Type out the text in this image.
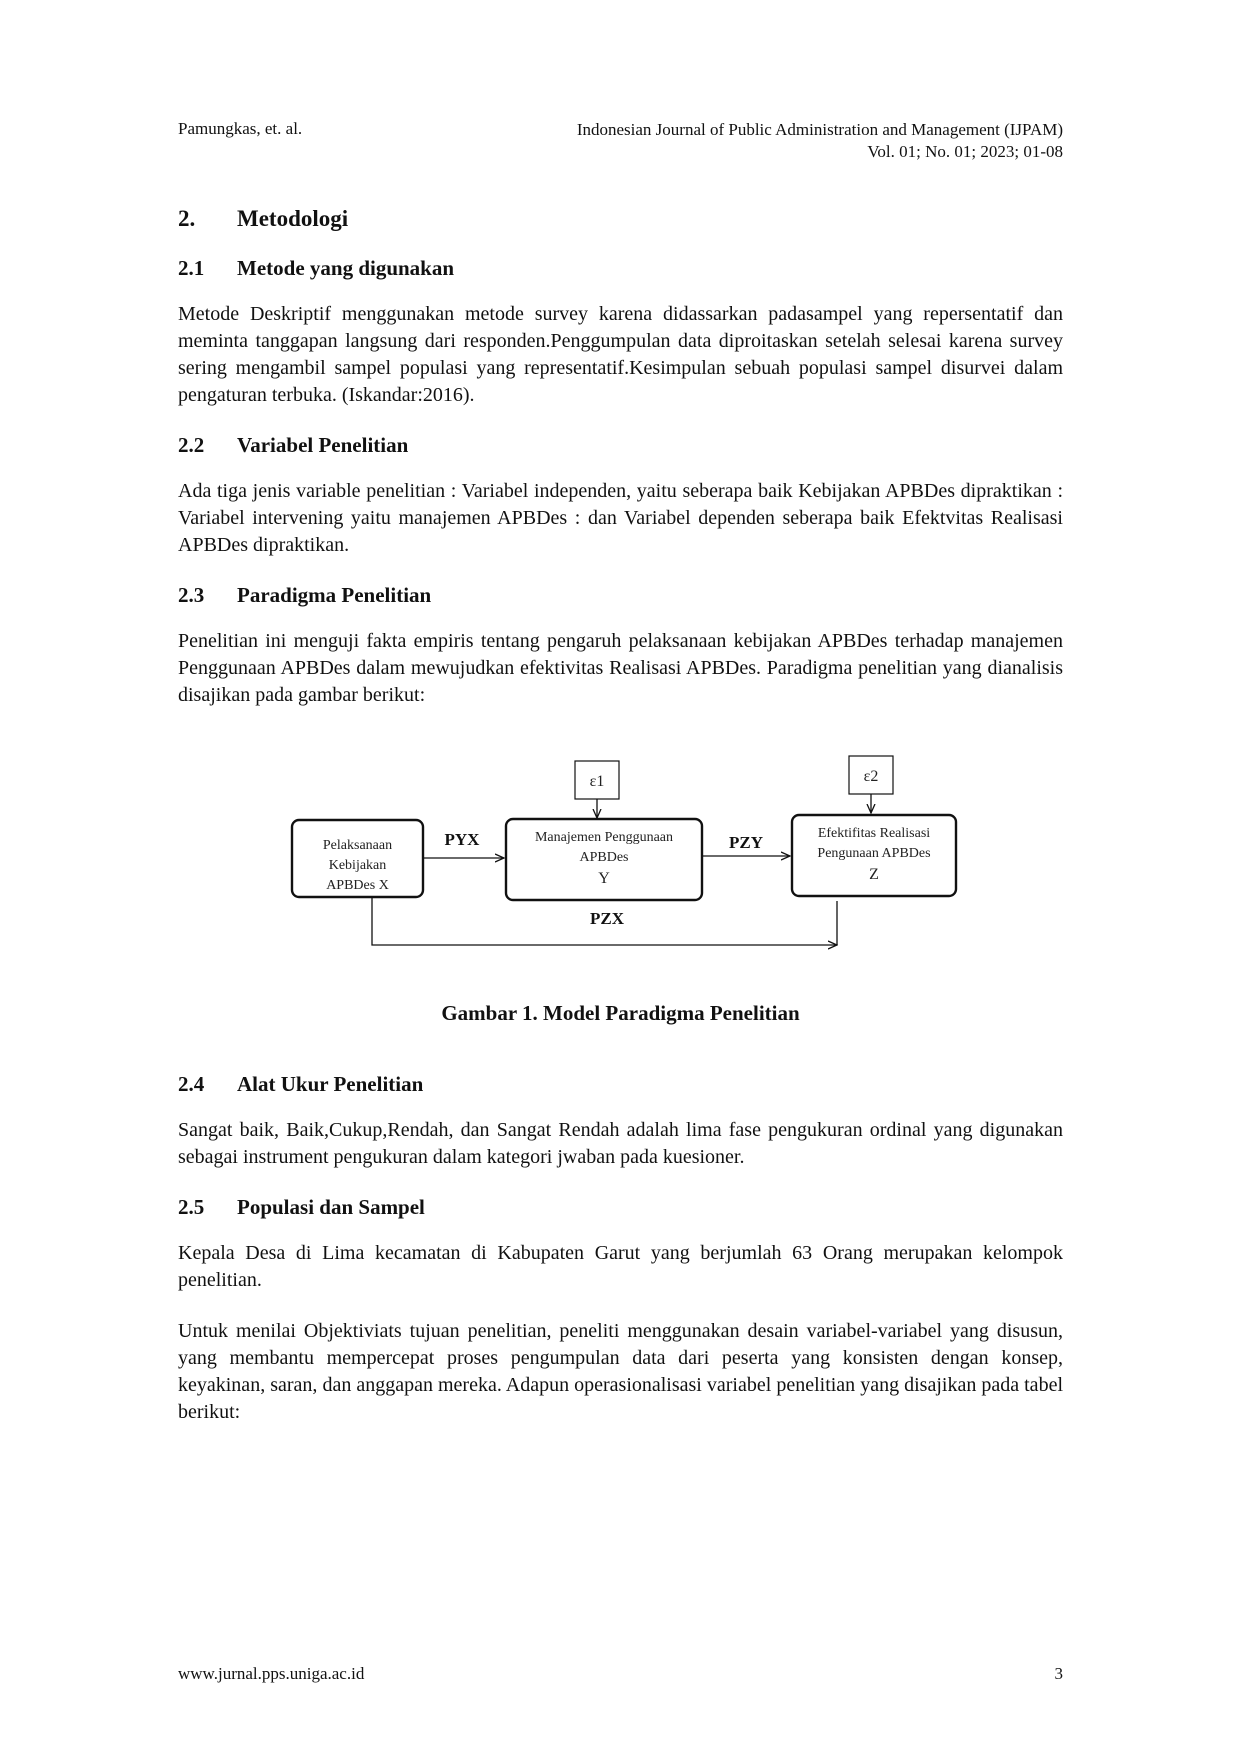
Pamungkas, et. al.	Indonesian Journal of Public Administration and Management (IJPAM)
Vol. 01; No. 01; 2023; 01-08
2.	Metodologi
2.1	Metode yang digunakan

Metode Deskriptif menggunakan metode survey karena didassarkan padasampel yang repersentatif dan meminta tanggapan langsung dari responden.Penggumpulan data diproitaskan setelah selesai karena survey sering mengambil sampel populasi yang representatif.Kesimpulan sebuah populasi sampel disurvei dalam pengaturan terbuka. (Iskandar:2016).

2.2	Variabel Penelitian

Ada tiga jenis variable penelitian : Variabel independen, yaitu seberapa baik Kebijakan APBDes dipraktikan : Variabel intervening yaitu manajemen APBDes : dan Variabel dependen seberapa baik Efektvitas Realisasi APBDes dipraktikan.

2.3	Paradigma Penelitian

Penelitian ini menguji fakta empiris tentang pengaruh pelaksanaan kebijakan APBDes terhadap manajemen Penggunaan APBDes dalam mewujudkan efektivitas Realisasi APBDes. Paradigma penelitian yang dianalisis disajikan pada gambar berikut:

ε1	ε2
Pelaksanaan
Kebijakan
APBDes X
Manajemen Penggunaan
APBDes
Y
Efektifitas Realisasi
Pengunaan APBDes
Z
PYX	PZY
PZX
Gambar 1. Model Paradigma Penelitian
2.4	Alat Ukur Penelitian

Sangat baik, Baik,Cukup,Rendah, dan Sangat Rendah adalah lima fase pengukuran ordinal yang digunakan sebagai instrument pengukuran dalam kategori jwaban pada kuesioner.

2.5	Populasi dan Sampel

Kepala Desa di Lima kecamatan di Kabupaten Garut yang berjumlah 63 Orang merupakan kelompok penelitian.

Untuk menilai Objektiviats tujuan penelitian, peneliti menggunakan desain variabel-variabel yang disusun, yang membantu mempercepat proses pengumpulan data dari peserta yang konsisten dengan konsep, keyakinan, saran, dan anggapan mereka. Adapun operasionalisasi variabel penelitian yang disajikan pada tabel berikut:

www.jurnal.pps.uniga.ac.id	3
